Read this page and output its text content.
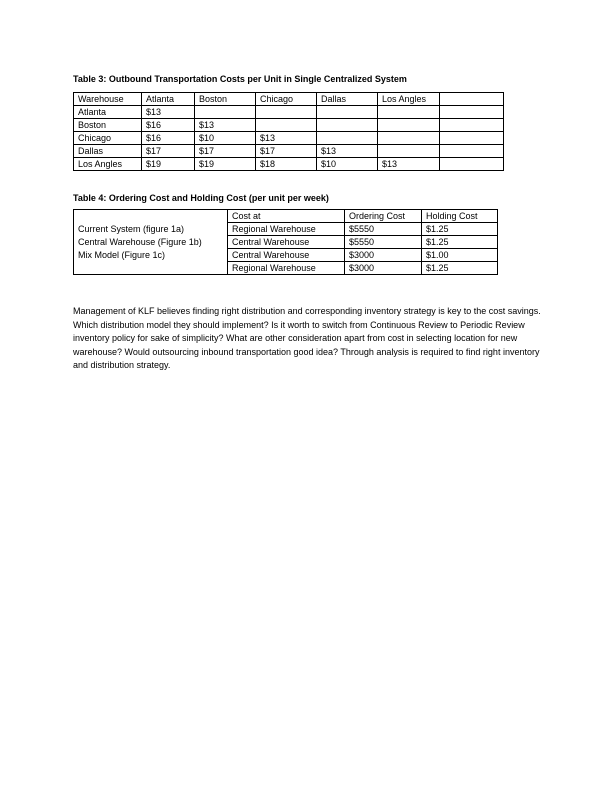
Table 3: Outbound Transportation Costs per Unit in Single Centralized System
Warehouse	Atlanta	Boston	Chicago	Dallas	Los Angles	
Atlanta	$13					
Boston	$16	$13				
Chicago	$16	$10	$13			
Dallas	$17	$17	$17	$13		
Los Angles	$19	$19	$18	$10	$13	
Table 4: Ordering Cost and Holding Cost (per unit per week)
	Cost at	Ordering Cost	Holding Cost
Current System (figure 1a)	Regional Warehouse	$5550	$1.25
Central Warehouse (Figure 1b)	Central Warehouse	$5550	$1.25
Mix Model (Figure 1c)	Central Warehouse	$3000	$1.00
	Regional Warehouse	$3000	$1.25
Management of KLF believes finding right distribution and corresponding inventory strategy is key to the cost savings. Which distribution model they should implement? Is it worth to switch from Continuous Review to Periodic Review inventory policy for sake of simplicity? What are other consideration apart from cost in selecting location for new warehouse? Would outsourcing inbound transportation good idea? Through analysis is required to find right inventory and distribution strategy.
